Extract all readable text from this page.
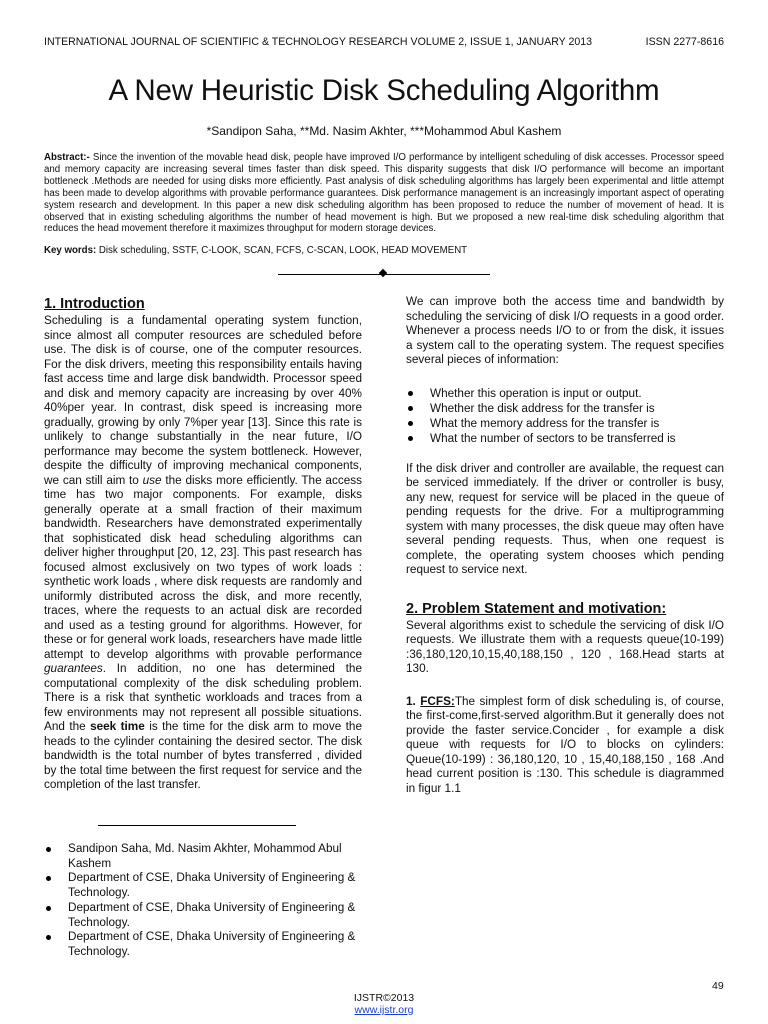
INTERNATIONAL JOURNAL OF SCIENTIFIC & TECHNOLOGY RESEARCH VOLUME 2, ISSUE 1, JANUARY 2013	ISSN 2277-8616
A New Heuristic Disk Scheduling Algorithm
*Sandipon Saha, **Md. Nasim Akhter, ***Mohammod Abul Kashem

Abstract:- Since the invention of the movable head disk, people have improved I/O performance by intelligent scheduling of disk accesses. Processor speed and memory capacity are increasing several times faster than disk speed. This disparity suggests that disk I/O performance will become an important bottleneck .Methods are needed for using disks more efficiently. Past analysis of disk scheduling algorithms has largely been experimental and little attempt has been made to develop algorithms with provable performance guarantees. Disk performance management is an increasingly important aspect of operating system research and development. In this paper a new disk scheduling algorithm has been proposed to reduce the number of movement of head. It is observed that in existing scheduling algorithms the number of head movement is high. But we proposed a new real-time disk scheduling algorithm that reduces the head movement therefore it maximizes throughput for modern storage devices.

Key words: Disk scheduling, SSTF, C-LOOK, SCAN, FCFS, C-SCAN, LOOK, HEAD MOVEMENT

1. Introduction

Scheduling is a fundamental operating system function, since almost all computer resources are scheduled before use. The disk is of course, one of the computer resources. For the disk drivers, meeting this responsibility entails having fast access time and large disk bandwidth. Processor speed and disk and memory capacity are increasing by over 40% 40%per year. In contrast, disk speed is increasing more gradually, growing by only 7%per year [13]. Since this rate is unlikely to change substantially in the near future, I/O performance may become the system bottleneck. However, despite the difficulty of improving mechanical components, we can still aim to use the disks more efficiently. The access time has two major components. For example, disks generally operate at a small fraction of their maximum bandwidth. Researchers have demonstrated experimentally that sophisticated disk head scheduling algorithms can deliver higher throughput [20, 12, 23]. This past research has focused almost exclusively on two types of work loads : synthetic work loads , where disk requests are randomly and uniformly distributed across the disk, and more recently, traces, where the requests to an actual disk are recorded and used as a testing ground for algorithms. However, for these or for general work loads, researchers have made little attempt to develop algorithms with provable performance guarantees. In addition, no one has determined the computational complexity of the disk scheduling problem. There is a risk that synthetic workloads and traces from a few environments may not represent all possible situations. And the seek time is the time for the disk arm to move the heads to the cylinder containing the desired sector. The disk bandwidth is the total number of bytes transferred , divided by the total time between the first request for service and the completion of the last transfer.

We can improve both the access time and bandwidth by scheduling the servicing of disk I/O requests in a good order. Whenever a process needs I/O to or from the disk, it issues a system call to the operating system. The request specifies several pieces of information:

Whether this operation is input or output.
Whether the disk address for the transfer is
What the memory address for the transfer is
What the number of sectors to be transferred is

If the disk driver and controller are available, the request can be serviced immediately. If the driver or controller is busy, any new, request for service will be placed in the queue of pending requests for the drive. For a multiprogramming system with many processes, the disk queue may often have several pending requests. Thus, when one request is complete, the operating system chooses which pending request to service next.

2. Problem Statement and motivation:

Several algorithms exist to schedule the servicing of disk I/O requests. We illustrate them with a requests queue(10-199) :36,180,120,10,15,40,188,150 , 120 , 168.Head starts at 130.

1. FCFS:The simplest form of disk scheduling is, of course, the first-come,first-served algorithm.But it generally does not provide the faster service.Concider , for example a disk queue with requests for I/O to blocks on cylinders: Queue(10-199) : 36,180,120, 10 , 15,40,188,150 , 168 .And head current position is :130. This schedule is diagrammed in figur 1.1

Sandipon Saha, Md. Nasim Akhter, Mohammod Abul Kashem
Department of CSE, Dhaka University of Engineering & Technology.
Department of CSE, Dhaka University of Engineering & Technology.
Department of CSE, Dhaka University of Engineering & Technology.
49
IJSTR©2013
www.ijstr.org
